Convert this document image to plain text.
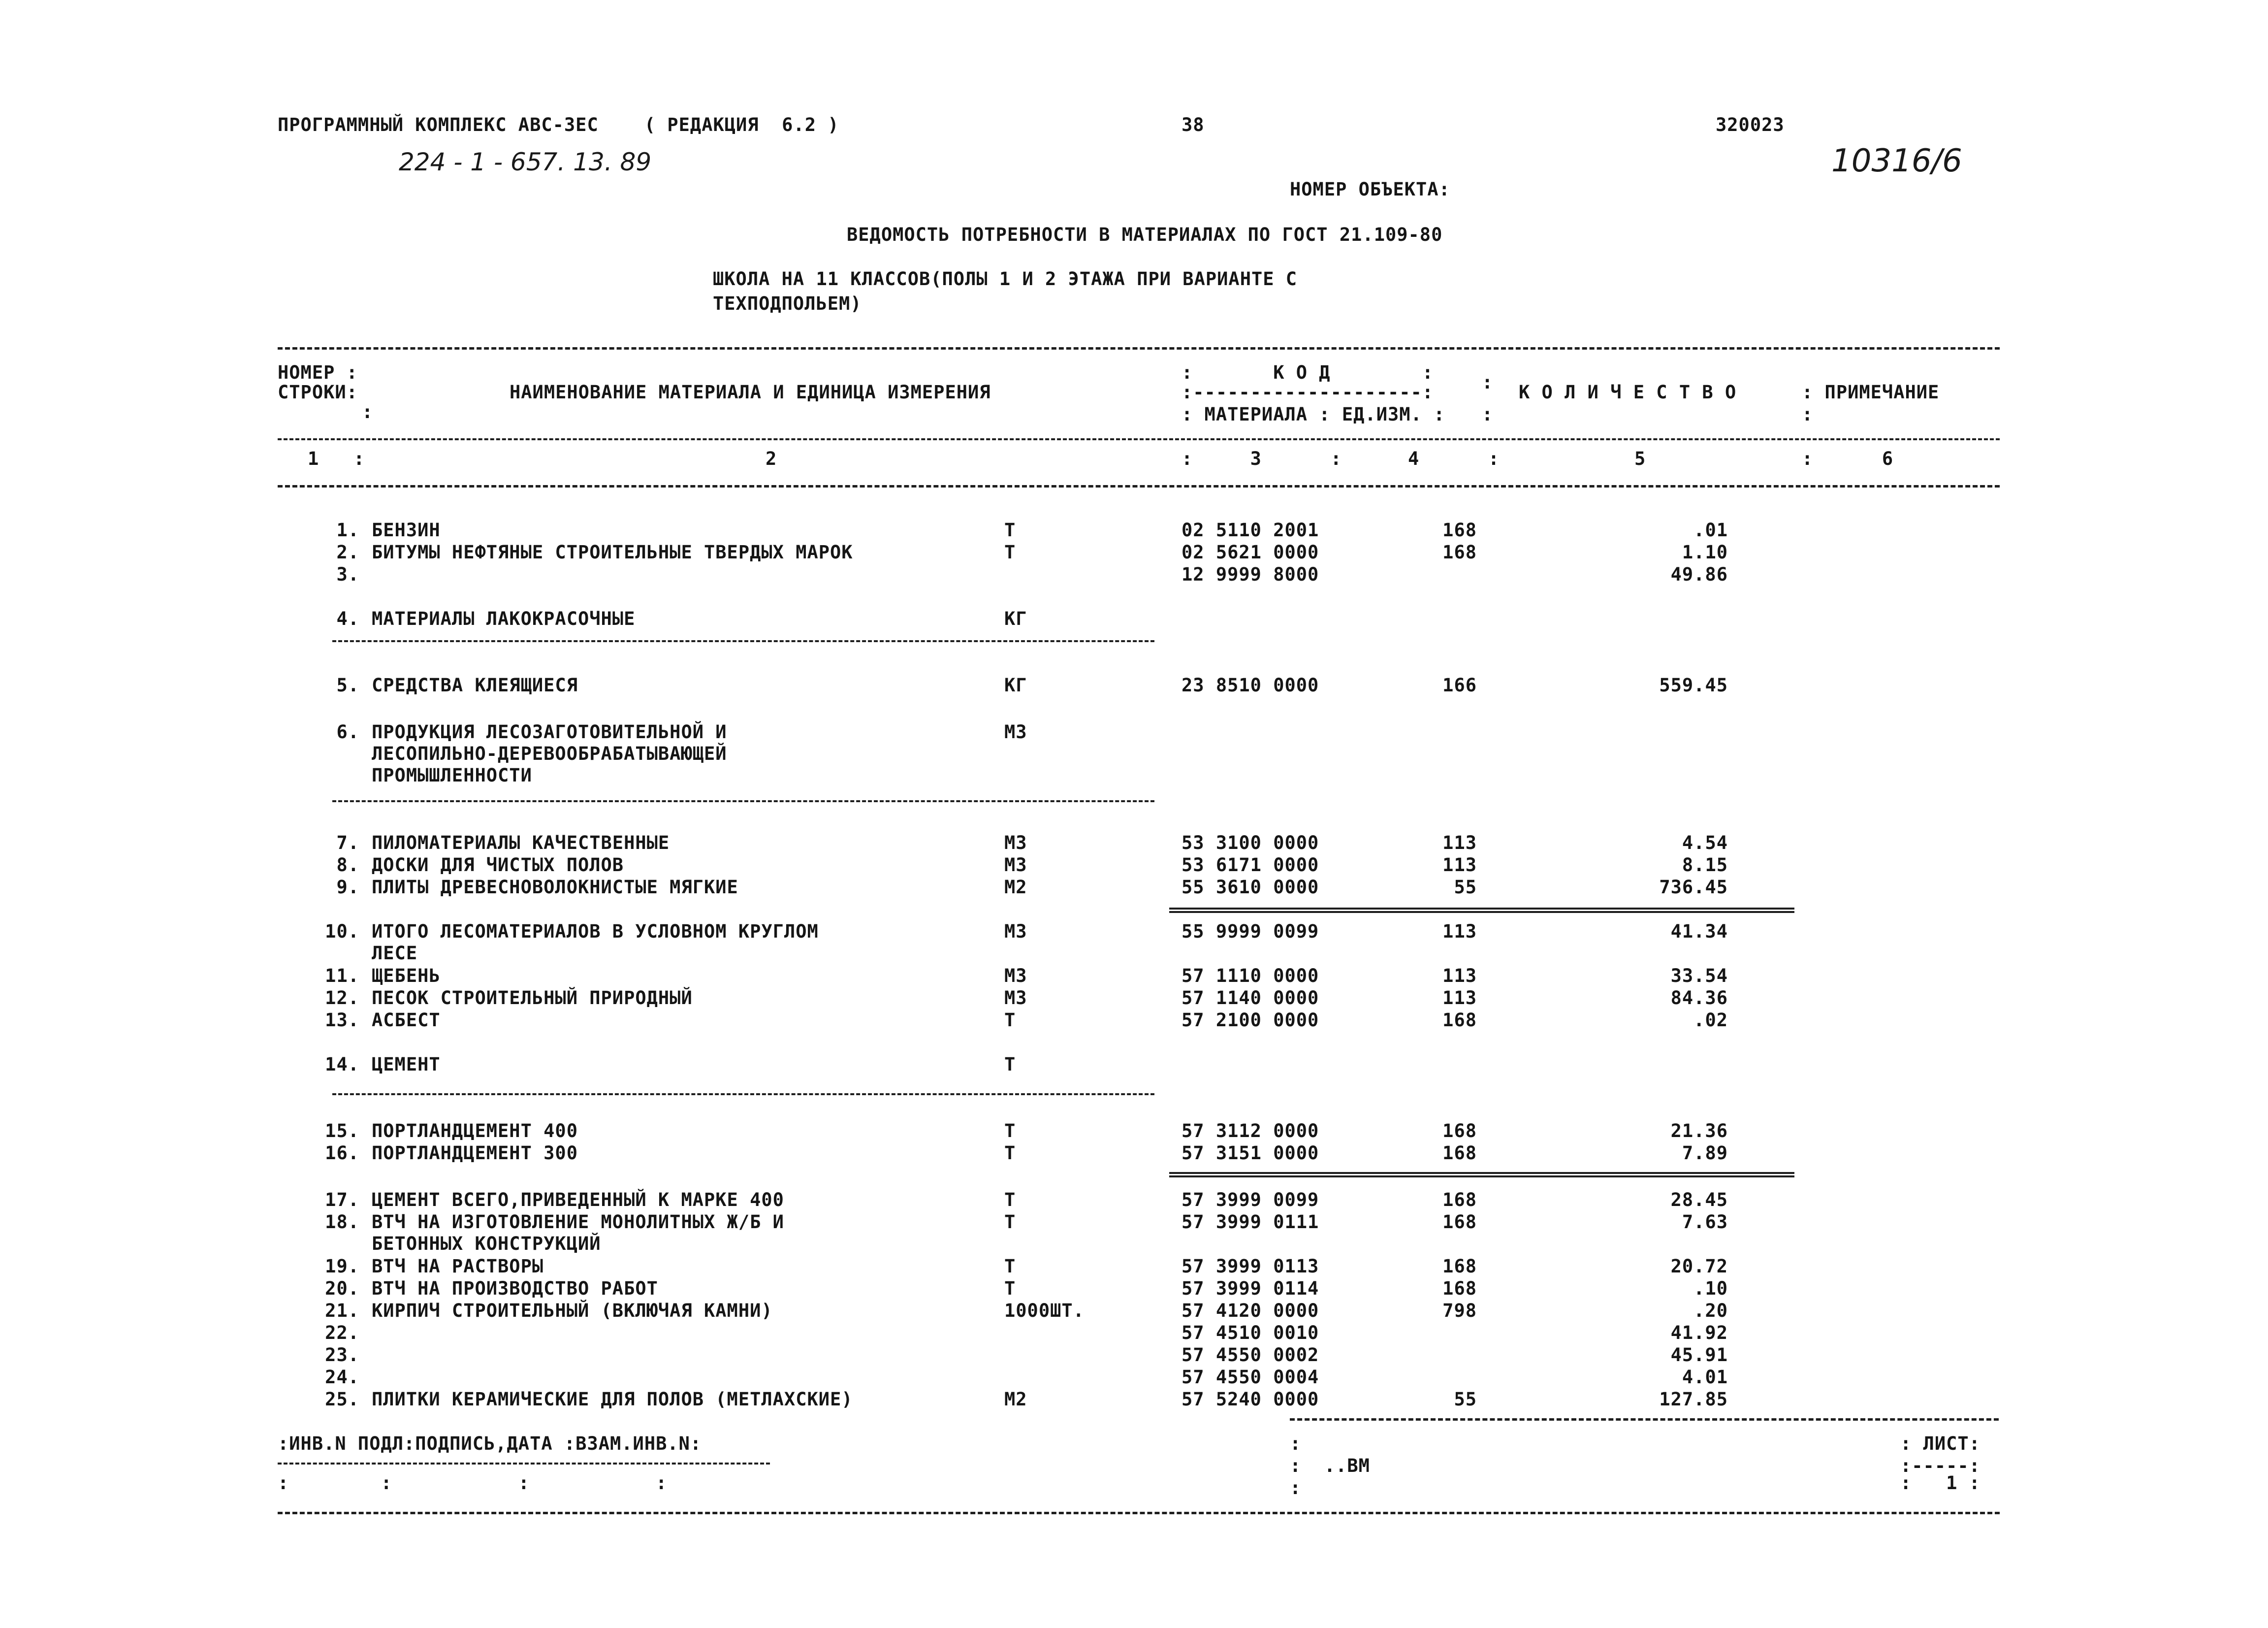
ПРОГРАММНЫЙ КОМПЛЕКС АВС-ЗЕС    ( РЕДАКЦИЯ  6.2 )	38	320023
224 - 1 - 657. 13. 89	10316/6
НОМЕР ОБЪЕКТА:
ВЕДОМОСТЬ ПОТРЕБНОСТИ В МАТЕРИАЛАХ ПО ГОСТ 21.109-80
ШКОЛА НА 11 КЛАССОВ(ПОЛЫ 1 И 2 ЭТАЖА ПРИ ВАРИАНТЕ С
ТЕХПОДПОЛЬЕМ)
НОМЕР :
СТРОКИ:
:
НАИМЕНОВАНИЕ МАТЕРИАЛА И ЕДИНИЦА ИЗМЕРЕНИЯ
:       К О Д        :
:--------------------:
: МАТЕРИАЛА : ЕД.ИЗМ. :
К О Л И Ч Е С Т В О
:
:
: ПРИМЕЧАНИЕ
:
1   :	2	:     3      :	4      :	5	:      6
1. БЕНЗИН	Т	02 5110 2001	168	.01
2. БИТУМЫ НЕФТЯНЫЕ СТРОИТЕЛЬНЫЕ ТВЕРДЫХ МАРОК	Т	02 5621 0000	168	1.10
3.	12 9999 8000	49.86
4. МАТЕРИАЛЫ ЛАКОКРАСОЧНЫЕ	КГ
5. СРЕДСТВА КЛЕЯЩИЕСЯ	КГ	23 8510 0000	166	559.45
6. ПРОДУКЦИЯ ЛЕСОЗАГОТОВИТЕЛЬНОЙ И
ЛЕСОПИЛЬНО-ДЕРЕВООБРАБАТЫВАЮЩЕЙ
ПРОМЫШЛЕННОСТИ
М3
7. ПИЛОМАТЕРИАЛЫ КАЧЕСТВЕННЫЕ	М3	53 3100 0000	113	4.54
8. ДОСКИ ДЛЯ ЧИСТЫХ ПОЛОВ	М3	53 6171 0000	113	8.15
9. ПЛИТЫ ДРЕВЕСНОВОЛОКНИСТЫЕ МЯГКИЕ	М2	55 3610 0000	55	736.45
10. ИТОГО ЛЕСОМАТЕРИАЛОВ В УСЛОВНОМ КРУГЛОМ
ЛЕСЕ
М3	55 9999 0099	113	41.34
11. ЩЕБЕНЬ	М3	57 1110 0000	113	33.54
12. ПЕСОК СТРОИТЕЛЬНЫЙ ПРИРОДНЫЙ	М3	57 1140 0000	113	84.36
13. АСБЕСТ	Т	57 2100 0000	168	.02
14. ЦЕМЕНТ	Т
15. ПОРТЛАНДЦЕМЕНТ 400	Т	57 3112 0000	168	21.36
16. ПОРТЛАНДЦЕМЕНТ 300	Т	57 3151 0000	168	7.89
17. ЦЕМЕНТ ВСЕГО,ПРИВЕДЕННЫЙ К МАРКЕ 400	Т	57 3999 0099	168	28.45
18. ВТЧ НА ИЗГОТОВЛЕНИЕ МОНОЛИТНЫХ Ж/Б И
БЕТОННЫХ КОНСТРУКЦИЙ
Т	57 3999 0111	168	7.63
19. ВТЧ НА РАСТВОРЫ	Т	57 3999 0113	168	20.72
20. ВТЧ НА ПРОИЗВОДСТВО РАБОТ	Т	57 3999 0114	168	.10
21. КИРПИЧ СТРОИТЕЛЬНЫЙ (ВКЛЮЧАЯ КАМНИ)	1000ШТ.	57 4120 0000	798	.20
22.	57 4510 0010	41.92
23.	57 4550 0002	45.91
24.	57 4550 0004	4.01
25. ПЛИТКИ КЕРАМИЧЕСКИЕ ДЛЯ ПОЛОВ (МЕТЛАХСКИЕ)	М2	57 5240 0000	55	127.85
:ИНВ.N ПОДЛ:ПОДПИСЬ,ДАТА :ВЗАМ.ИНВ.N:
:        :           :           :
:
:  ..ВМ
:
: ЛИСТ:
:-----:
:   1 :
